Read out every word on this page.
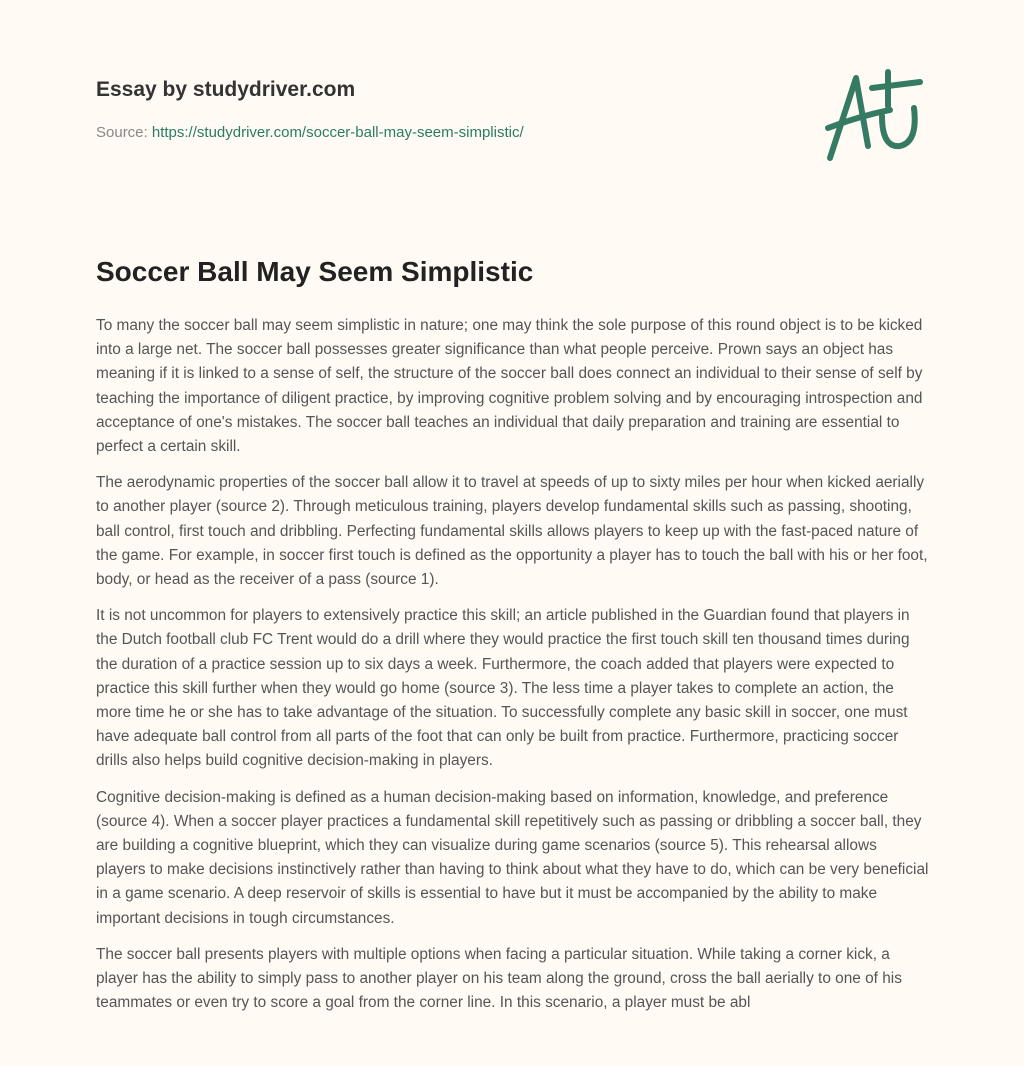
Essay by studydriver.com

Source: https://studydriver.com/soccer-ball-may-seem-simplistic/
Soccer Ball May Seem Simplistic

To many the soccer ball may seem simplistic in nature; one may think the sole purpose of this round object is to be kicked into a large net. The soccer ball possesses greater significance than what people perceive. Prown says an object has meaning if it is linked to a sense of self, the structure of the soccer ball does connect an individual to their sense of self by teaching the importance of diligent practice, by improving cognitive problem solving and by encouraging introspection and acceptance of one's mistakes. The soccer ball teaches an individual that daily preparation and training are essential to perfect a certain skill.

The aerodynamic properties of the soccer ball allow it to travel at speeds of up to sixty miles per hour when kicked aerially to another player (source 2). Through meticulous training, players develop fundamental skills such as passing, shooting, ball control, first touch and dribbling. Perfecting fundamental skills allows players to keep up with the fast-paced nature of the game. For example, in soccer first touch is defined as the opportunity a player has to touch the ball with his or her foot, body, or head as the receiver of a pass (source 1).

It is not uncommon for players to extensively practice this skill; an article published in the Guardian found that players in the Dutch football club FC Trent would do a drill where they would practice the first touch skill ten thousand times during the duration of a practice session up to six days a week. Furthermore, the coach added that players were expected to practice this skill further when they would go home (source 3). The less time a player takes to complete an action, the more time he or she has to take advantage of the situation. To successfully complete any basic skill in soccer, one must have adequate ball control from all parts of the foot that can only be built from practice. Furthermore, practicing soccer drills also helps build cognitive decision-making in players.

Cognitive decision-making is defined as a human decision-making based on information, knowledge, and preference (source 4). When a soccer player practices a fundamental skill repetitively such as passing or dribbling a soccer ball, they are building a cognitive blueprint, which they can visualize during game scenarios (source 5). This rehearsal allows players to make decisions instinctively rather than having to think about what they have to do, which can be very beneficial in a game scenario. A deep reservoir of skills is essential to have but it must be accompanied by the ability to make important decisions in tough circumstances.

The soccer ball presents players with multiple options when facing a particular situation. While taking a corner kick, a player has the ability to simply pass to another player on his team along the ground, cross the ball aerially to one of his teammates or even try to score a goal from the corner line. In this scenario, a player must be abl
